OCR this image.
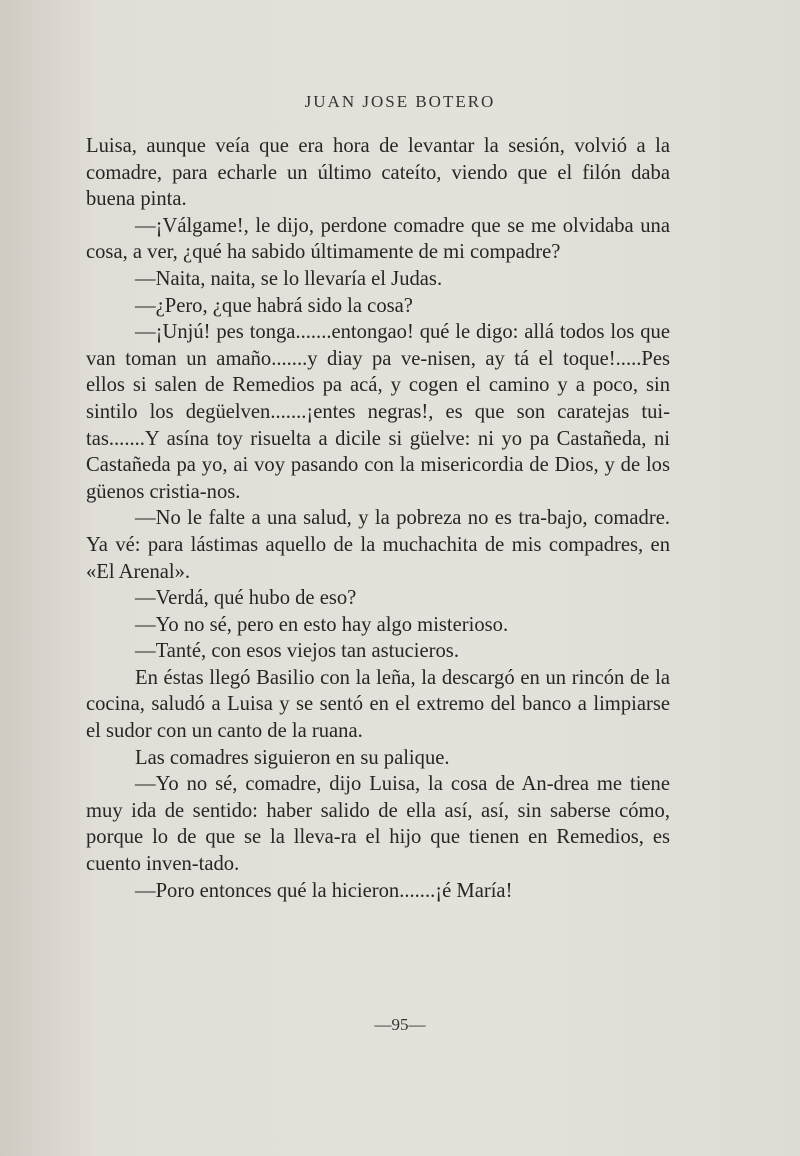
JUAN JOSE BOTERO

Luisa, aunque veía que era hora de levantar la sesión, volvió a la comadre, para echarle un último cateíto, viendo que el filón daba buena pinta.

—¡Válgame!, le dijo, perdone comadre que se me olvidaba una cosa, a ver, ¿qué ha sabido últimamente de mi compadre?

—Naita, naita, se lo llevaría el Judas.

—¿Pero, ¿que habrá sido la cosa?

—¡Unjú! pes tonga.......entongao! qué le digo: allá todos los que van toman un amaño.......y diay pa ve-nisen, ay tá el toque!.....Pes ellos si salen de Remedios pa acá, y cogen el camino y a poco, sin sintilo los degüelven.......¡entes negras!, es que son caratejas tui-tas.......Y asína toy risuelta a dicile si güelve: ni yo pa Castañeda, ni Castañeda pa yo, ai voy pasando con la misericordia de Dios, y de los güenos cristia-nos.

—No le falte a una salud, y la pobreza no es tra-bajo, comadre. Ya vé: para lástimas aquello de la muchachita de mis compadres, en «El Arenal».

—Verdá, qué hubo de eso?

—Yo no sé, pero en esto hay algo misterioso.

—Tanté, con esos viejos tan astucieros.

En éstas llegó Basilio con la leña, la descargó en un rincón de la cocina, saludó a Luisa y se sentó en el extremo del banco a limpiarse el sudor con un canto de la ruana.

Las comadres siguieron en su palique.

—Yo no sé, comadre, dijo Luisa, la cosa de An-drea me tiene muy ida de sentido: haber salido de ella así, así, sin saberse cómo, porque lo de que se la lleva-ra el hijo que tienen en Remedios, es cuento inven-tado.

—Poro entonces qué la hicieron.......¡é María!

—95—
